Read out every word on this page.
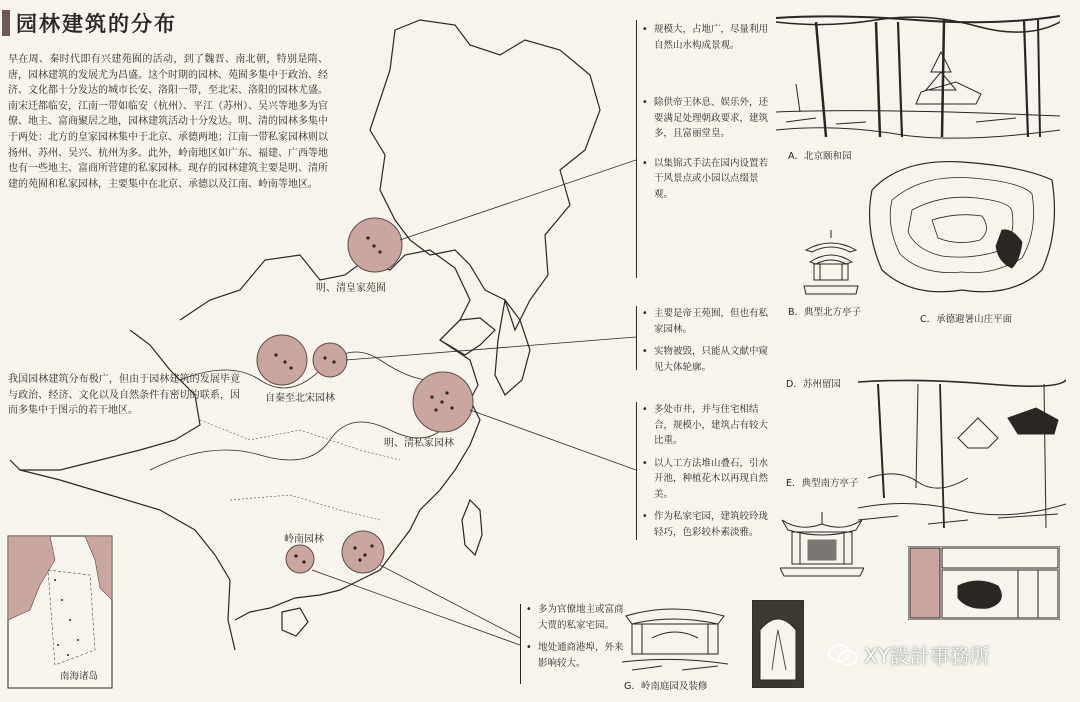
园林建筑的分布
早在周、秦时代即有兴建苑囿的活动，到了魏晋、南北朝，特别是隋、唐，园林建筑的发展尤为昌盛。这个时期的园林、苑囿多集中于政治、经济、文化都十分发达的城市长安、洛阳一带，至北宋、洛阳的园林尤盛。南宋迁都临安，江南一带如临安（杭州）、平江（苏州）、吴兴等地多为官僚、地主、富商聚居之地，园林建筑活动十分发达。明、清的园林多集中于两处：北方的皇家园林集中于北京、承德两地；江南一带私家园林则以扬州、苏州、吴兴、杭州为多。此外，岭南地区如广东、福建、广西等地也有一些地主、富商所营建的私家园林。现存的园林建筑主要是明、清所建的苑囿和私家园林，主要集中在北京、承德以及江南、岭南等地区。
我国园林建筑分布极广，但由于园林建筑的发展毕竟与政治、经济、文化以及自然条件有密切的联系，因而多集中于图示的若干地区。
明、清皇家苑囿
自秦至北宋园林
明、清私家园林
岭南园林
• 规模大，占地广，尽量利用自然山水构成景观。
• 除供帝王休息、娱乐外，还要满足处理朝政要求，建筑多，且富丽堂皇。
• 以集锦式手法在园内设置若干风景点或小园以点缀景观。
• 主要是帝王苑囿，但也有私家园林。
• 实物被毁，只能从文献中窥见大体轮廓。
• 多处市井，并与住宅相结合，规模小，建筑占有较大比重。
• 以人工方法堆山叠石，引水开池，种植花木以再现自然美。
• 作为私家宅园，建筑较玲珑轻巧，色彩较朴素淡雅。
• 多为官僚地主或富商大贾的私家宅园。
• 地处通商港埠，外来影响较大。
A．北京颐和园
C．承德避暑山庄平面
B．典型北方亭子
D．苏州留园
E．典型南方亭子
G．岭南庭园及装修
南海诸岛
XY設計事務所
